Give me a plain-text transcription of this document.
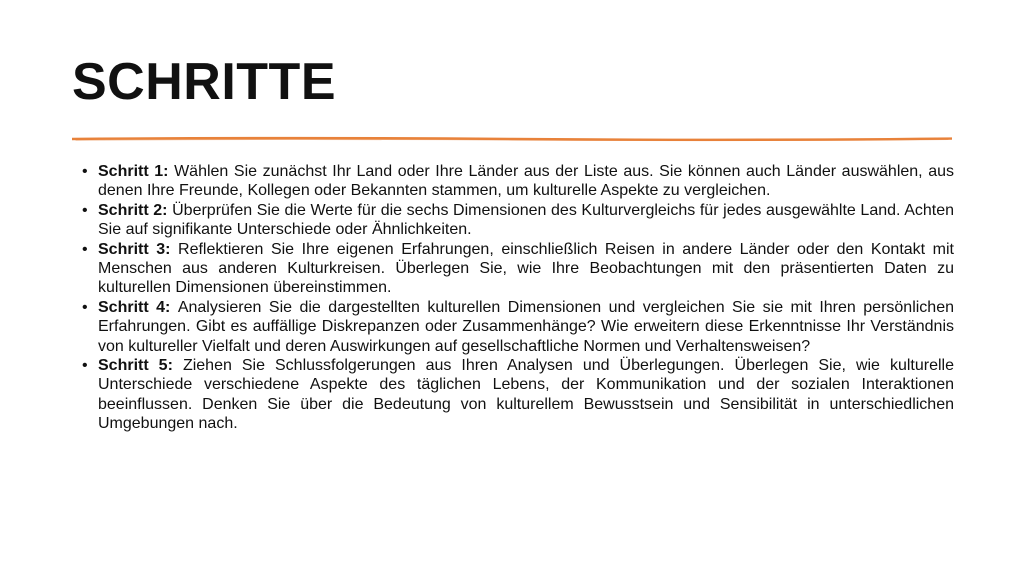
SCHRITTE
• Schritt 1: Wählen Sie zunächst Ihr Land oder Ihre Länder aus der Liste aus. Sie können auch Länder auswählen, aus denen Ihre Freunde, Kollegen oder Bekannten stammen, um kulturelle Aspekte zu vergleichen.
• Schritt 2: Überprüfen Sie die Werte für die sechs Dimensionen des Kulturvergleichs für jedes ausgewählte Land. Achten Sie auf signifikante Unterschiede oder Ähnlichkeiten.
• Schritt 3: Reflektieren Sie Ihre eigenen Erfahrungen, einschließlich Reisen in andere Länder oder den Kontakt mit Menschen aus anderen Kulturkreisen. Überlegen Sie, wie Ihre Beobachtungen mit den präsentierten Daten zu kulturellen Dimensionen übereinstimmen.
• Schritt 4: Analysieren Sie die dargestellten kulturellen Dimensionen und vergleichen Sie sie mit Ihren persönlichen Erfahrungen. Gibt es auffällige Diskrepanzen oder Zusammenhänge? Wie erweitern diese Erkenntnisse Ihr Verständnis von kultureller Vielfalt und deren Auswirkungen auf gesellschaftliche Normen und Verhaltensweisen?
• Schritt 5: Ziehen Sie Schlussfolgerungen aus Ihren Analysen und Überlegungen. Überlegen Sie, wie kulturelle Unterschiede verschiedene Aspekte des täglichen Lebens, der Kommunikation und der sozialen Interaktionen beeinflussen. Denken Sie über die Bedeutung von kulturellem Bewusstsein und Sensibilität in unterschiedlichen Umgebungen nach.
